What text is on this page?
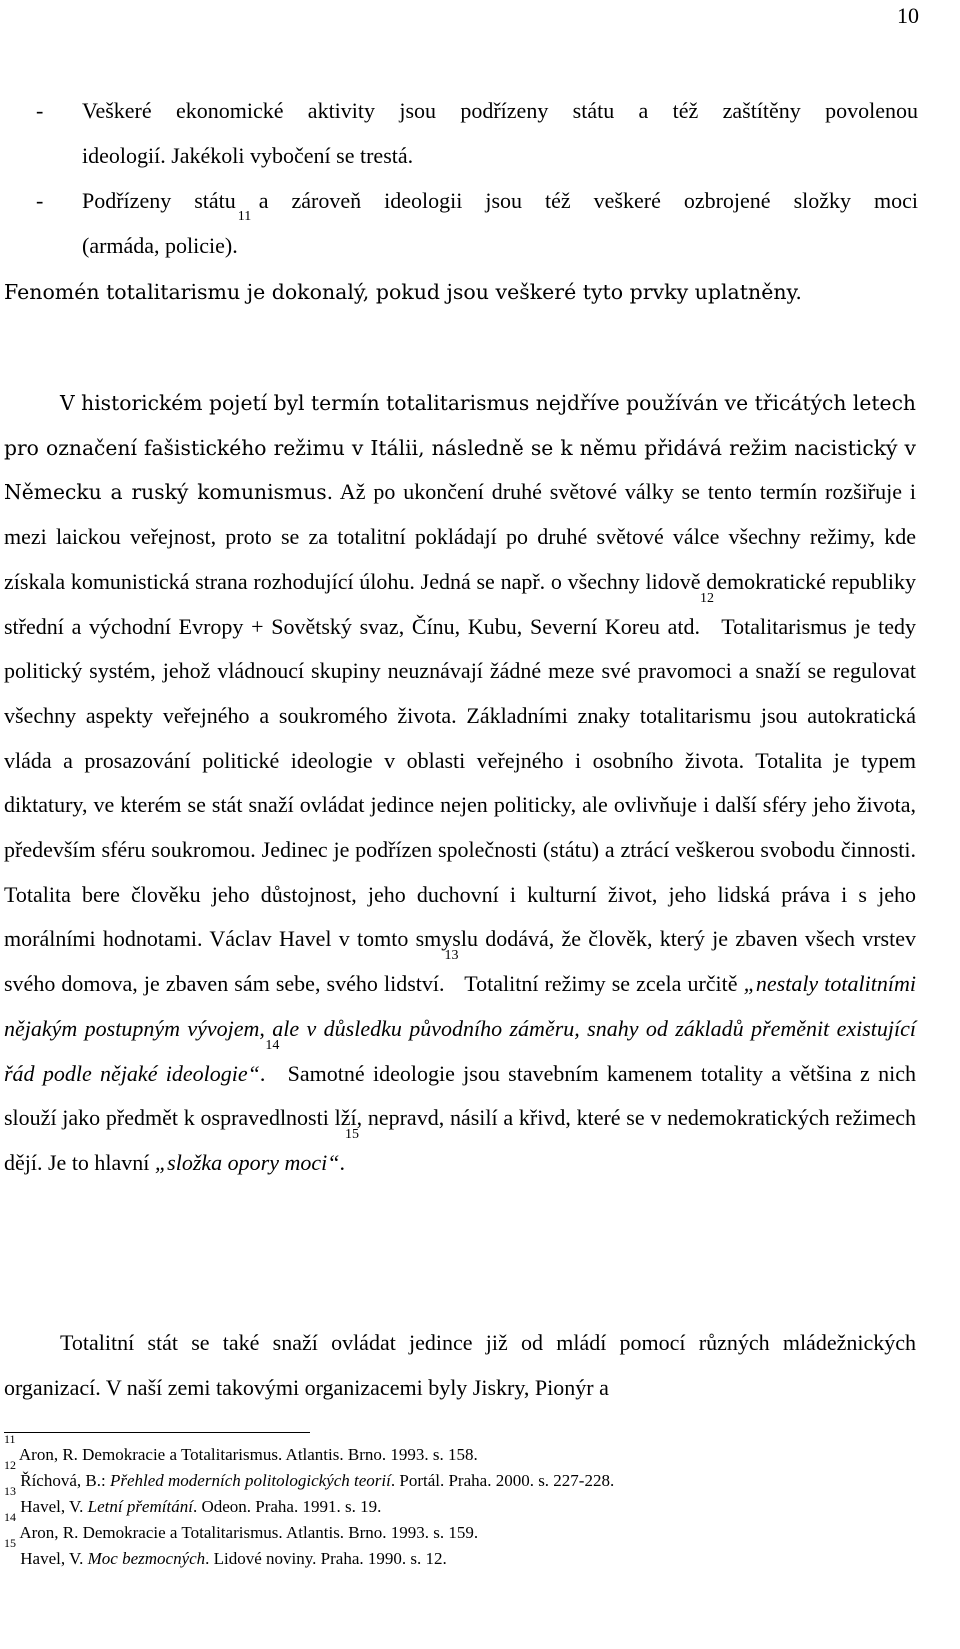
10
-	Veškeré ekonomické aktivity jsou podřízeny státu a též zaštítěny povolenou
ideologií. Jakékoli vybočení se trestá.
-	Podřízeny státu a zároveň ideologii jsou též veškeré ozbrojené složky moci
(armáda, policie).$^{11}$
Fenomén totalitarismu je dokonalý, pokud jsou veškeré tyto prvky uplatněny.
V historickém pojetí byl termín totalitarismus nejdříve používán ve třicátých letech pro označení fašistického režimu v Itálii, následně se k němu přidává režim nacistický v Německu a ruský komunismus. Až po ukončení druhé světové války se tento termín rozšiřuje i mezi laickou veřejnost, proto se za totalitní pokládají po druhé světové válce všechny režimy, kde získala komunistická strana rozhodující úlohu. Jedná se např. o všechny lidově demokratické republiky střední a východní Evropy + Sovětský svaz, Čínu, Kubu, Severní Koreu atd.$^{12}$ Totalitarismus je tedy politický systém, jehož vládnoucí skupiny neuznávají žádné meze své pravomoci a snaží se regulovat všechny aspekty veřejného a soukromého života. Základními znaky totalitarismu jsou autokratická vláda a prosazování politické ideologie v oblasti veřejného i osobního života. Totalita je typem diktatury, ve kterém se stát snaží ovládat jedince nejen politicky, ale ovlivňuje i další sféry jeho života, především sféru soukromou. Jedinec je podřízen společnosti (státu) a ztrácí veškerou svobodu činnosti. Totalita bere člověku jeho důstojnost, jeho duchovní i kulturní život, jeho lidská práva i s jeho morálními hodnotami. Václav Havel v tomto smyslu dodává, že člověk, který je zbaven všech vrstev svého domova, je zbaven sám sebe, svého lidství.$^{13}$ Totalitní režimy se zcela určitě „nestaly totalitními nějakým postupným vývojem, ale v důsledku původního záměru, snahy od základů přeměnit existující řád podle nějaké ideologie“.$^{14}$ Samotné ideologie jsou stavebním kamenem totality a většina z nich slouží jako předmět k ospravedlnosti lží, nepravd, násilí a křivd, které se v nedemokratických režimech dějí. Je to hlavní „složka opory moci“.$^{15}$
Totalitní stát se také snaží ovládat jedince již od mládí pomocí různých mládežnických organizací. V naší zemi takovými organizacemi byly Jiskry, Pionýr a
$^{11}$ Aron, R. Demokracie a Totalitarismus. Atlantis. Brno. 1993. s. 158.
$^{12}$ Říchová, B.: Přehled moderních politologických teorií. Portál. Praha. 2000. s. 227-228.
$^{13}$ Havel, V. Letní přemítání. Odeon. Praha. 1991. s. 19.
$^{14}$ Aron, R. Demokracie a Totalitarismus. Atlantis. Brno. 1993. s. 159.
$^{15}$ Havel, V. Moc bezmocných. Lidové noviny. Praha. 1990. s. 12.
